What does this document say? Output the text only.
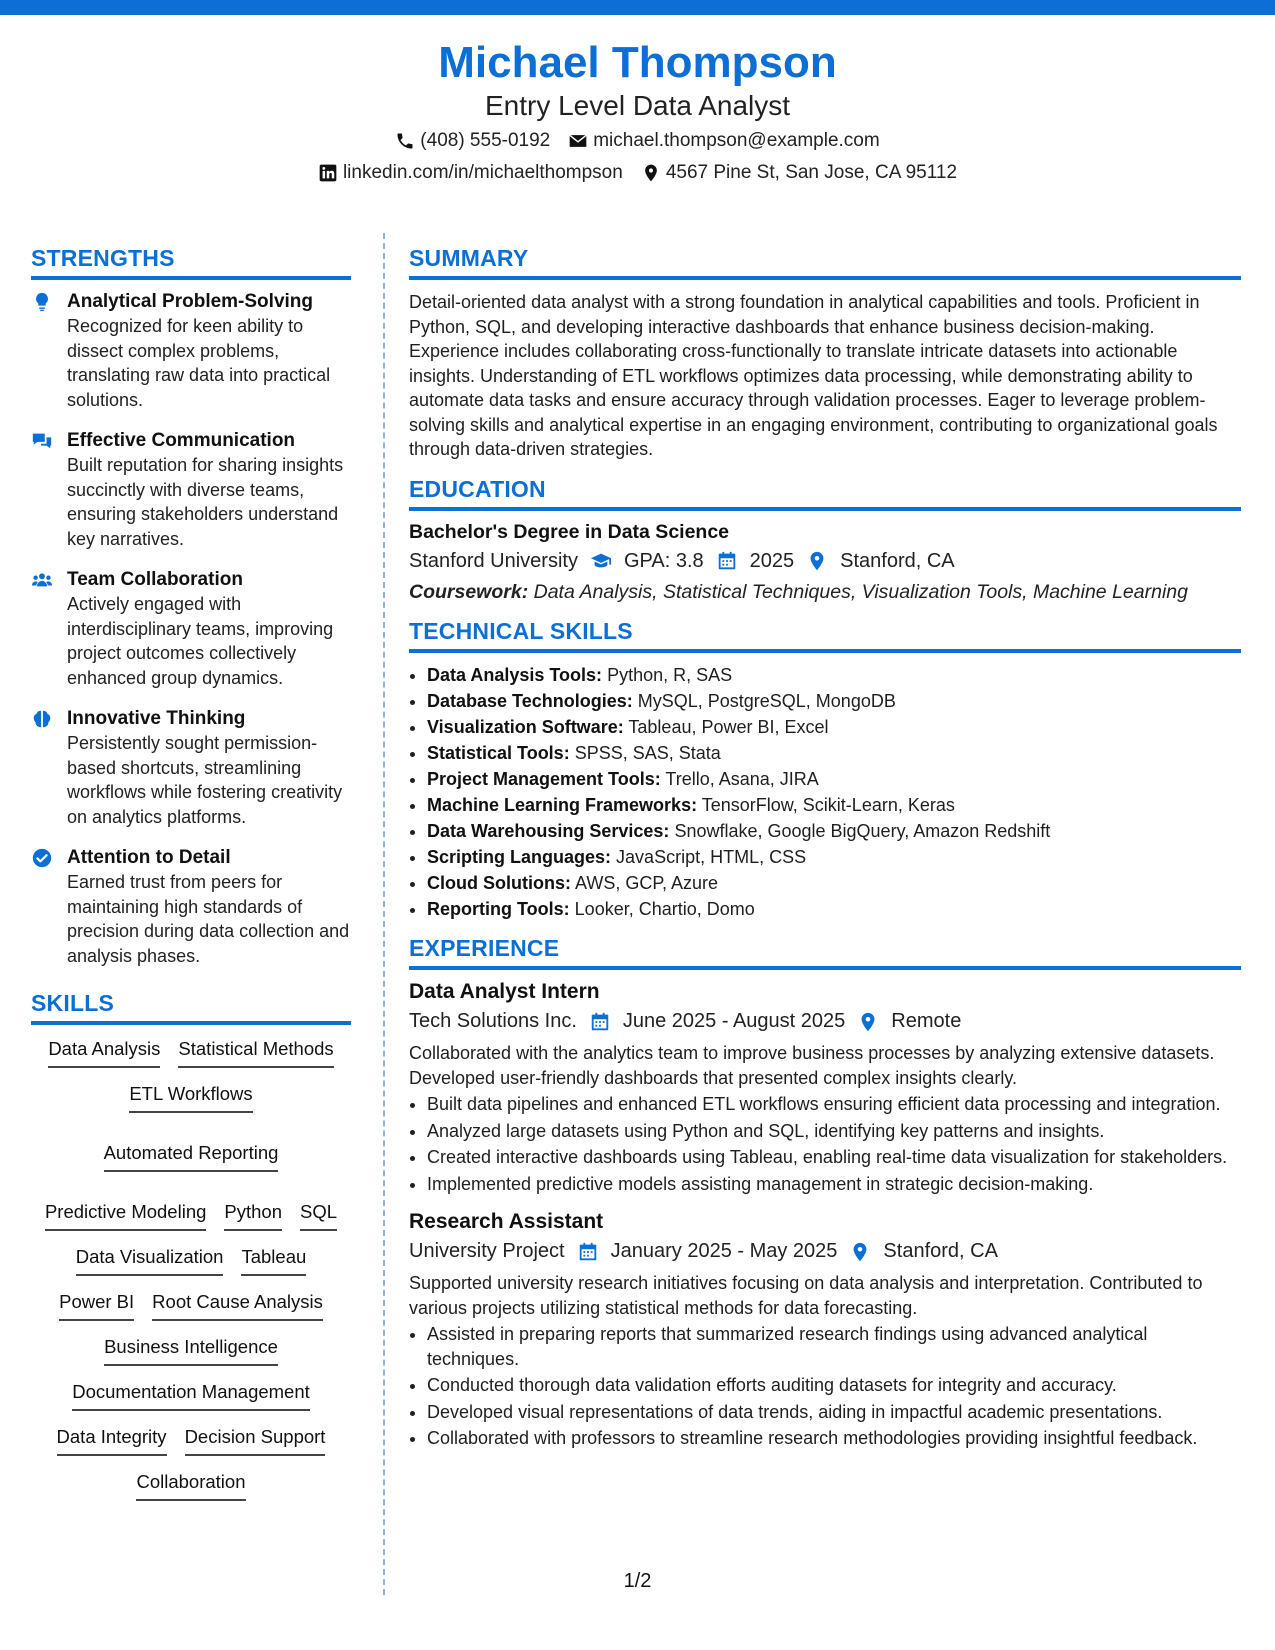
Michael Thompson
Entry Level Data Analyst
(408) 555-0192 michael.thompson@example.com
linkedin.com/in/michaelthompson 4567 Pine St, San Jose, CA 95112
STRENGTHS
Analytical Problem-Solving
Recognized for keen ability to dissect complex problems, translating raw data into practical solutions.
Effective Communication
Built reputation for sharing insights succinctly with diverse teams, ensuring stakeholders understand key narratives.
Team Collaboration
Actively engaged with interdisciplinary teams, improving project outcomes collectively enhanced group dynamics.
Innovative Thinking
Persistently sought permission-based shortcuts, streamlining workflows while fostering creativity on analytics platforms.
Attention to Detail
Earned trust from peers for maintaining high standards of precision during data collection and analysis phases.
SKILLS
Data Analysis Statistical Methods
ETL Workflows
Automated Reporting
Predictive Modeling Python SQL
Data Visualization Tableau
Power BI Root Cause Analysis
Business Intelligence
Documentation Management
Data Integrity Decision Support
Collaboration
SUMMARY

Detail-oriented data analyst with a strong foundation in analytical capabilities and tools. Proficient in Python, SQL, and developing interactive dashboards that enhance business decision-making. Experience includes collaborating cross-functionally to translate intricate datasets into actionable insights. Understanding of ETL workflows optimizes data processing, while demonstrating ability to automate data tasks and ensure accuracy through validation processes. Eager to leverage problem-solving skills and analytical expertise in an engaging environment, contributing to organizational goals through data-driven strategies.

EDUCATION
Bachelor's Degree in Data Science
Stanford University GPA: 3.8 2025 Stanford, CA
Coursework: Data Analysis, Statistical Techniques, Visualization Tools, Machine Learning
TECHNICAL SKILLS
• Data Analysis Tools: Python, R, SAS
• Database Technologies: MySQL, PostgreSQL, MongoDB
• Visualization Software: Tableau, Power BI, Excel
• Statistical Tools: SPSS, SAS, Stata
• Project Management Tools: Trello, Asana, JIRA
• Machine Learning Frameworks: TensorFlow, Scikit-Learn, Keras
• Data Warehousing Services: Snowflake, Google BigQuery, Amazon Redshift
• Scripting Languages: JavaScript, HTML, CSS
• Cloud Solutions: AWS, GCP, Azure
• Reporting Tools: Looker, Chartio, Domo
EXPERIENCE
Data Analyst Intern
Tech Solutions Inc. June 2025 - August 2025 Remote
Collaborated with the analytics team to improve business processes by analyzing extensive datasets. Developed user-friendly dashboards that presented complex insights clearly.
• Built data pipelines and enhanced ETL workflows ensuring efficient data processing and integration.
• Analyzed large datasets using Python and SQL, identifying key patterns and insights.
• Created interactive dashboards using Tableau, enabling real-time data visualization for stakeholders.
• Implemented predictive models assisting management in strategic decision-making.
Research Assistant
University Project January 2025 - May 2025 Stanford, CA
Supported university research initiatives focusing on data analysis and interpretation. Contributed to various projects utilizing statistical methods for data forecasting.
• Assisted in preparing reports that summarized research findings using advanced analytical techniques.
• Conducted thorough data validation efforts auditing datasets for integrity and accuracy.
• Developed visual representations of data trends, aiding in impactful academic presentations.
• Collaborated with professors to streamline research methodologies providing insightful feedback.
1/2
